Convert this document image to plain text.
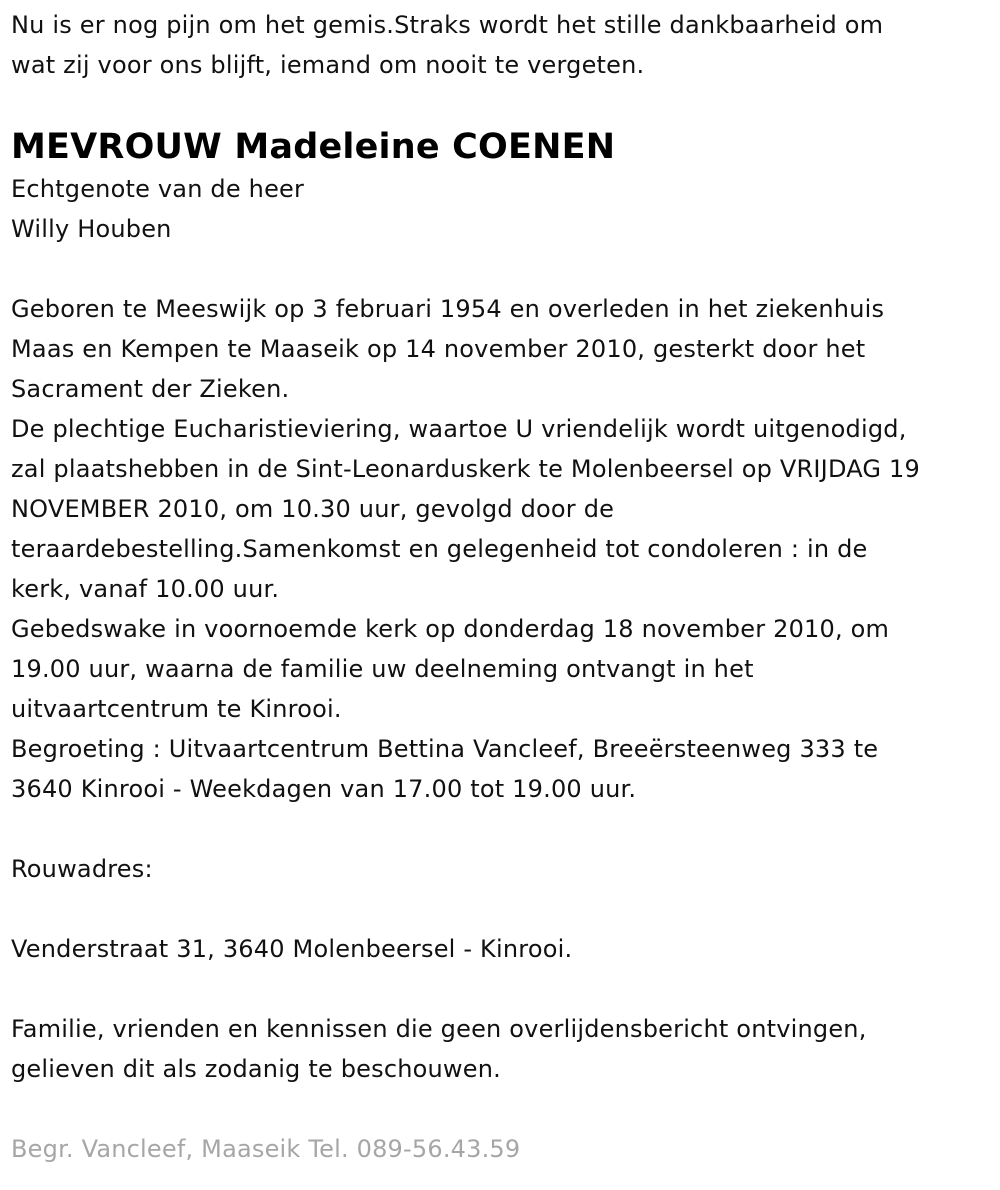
Nu is er nog pijn om het gemis.Straks wordt het stille dankbaarheid om

wat zij voor ons blijft, iemand om nooit te vergeten.

MEVROUW Madeleine COENEN

Echtgenote van de heer

Willy Houben

Geboren te Meeswijk op 3 februari 1954 en overleden in het ziekenhuis

Maas en Kempen te Maaseik op 14 november 2010, gesterkt door het

Sacrament der Zieken.

De plechtige Eucharistieviering, waartoe U vriendelijk wordt uitgenodigd,

zal plaatshebben in de Sint-Leonarduskerk te Molenbeersel op VRIJDAG 19

NOVEMBER 2010, om 10.30 uur, gevolgd door de

teraardebestelling.Samenkomst en gelegenheid tot condoleren : in de

kerk, vanaf 10.00 uur.

Gebedswake in voornoemde kerk op donderdag 18 november 2010, om

19.00 uur, waarna de familie uw deelneming ontvangt in het

uitvaartcentrum te Kinrooi.

Begroeting : Uitvaartcentrum Bettina Vancleef, Breeërsteenweg 333 te

3640 Kinrooi - Weekdagen van 17.00 tot 19.00 uur.

Rouwadres:

Venderstraat 31, 3640 Molenbeersel - Kinrooi.

Familie, vrienden en kennissen die geen overlijdensbericht ontvingen,

gelieven dit als zodanig te beschouwen.

Begr. Vancleef, Maaseik Tel. 089-56.43.59
